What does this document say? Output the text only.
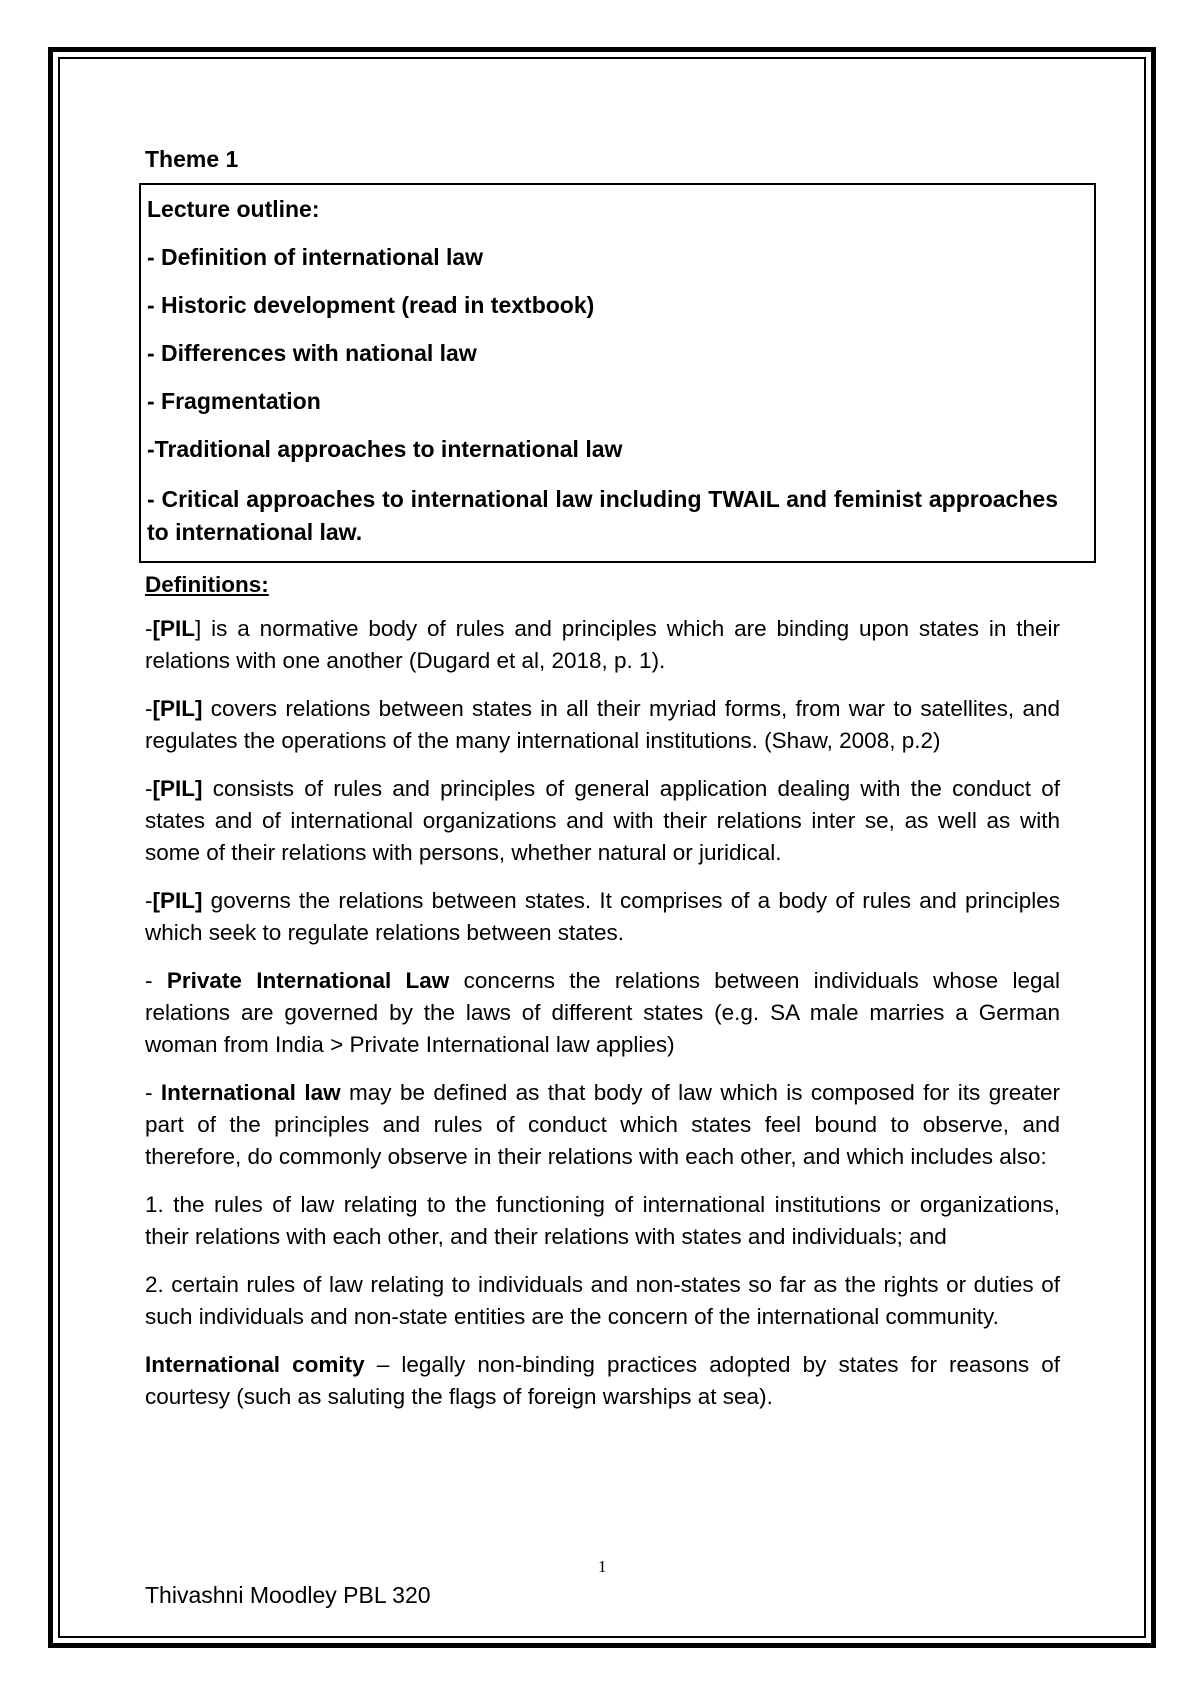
Theme 1

Lecture outline:

- Definition of international law

- Historic development (read in textbook)

- Differences with national law

- Fragmentation

-Traditional approaches to international law

- Critical approaches to international law including TWAIL and feminist approaches to international law.

Definitions:

-[PIL] is a normative body of rules and principles which are binding upon states in their relations with one another (Dugard et al, 2018, p. 1).

-[PIL] covers relations between states in all their myriad forms, from war to satellites, and regulates the operations of the many international institutions. (Shaw, 2008, p.2)

-[PIL] consists of rules and principles of general application dealing with the conduct of states and of international organizations and with their relations inter se, as well as with some of their relations with persons, whether natural or juridical.

-[PIL] governs the relations between states. It comprises of a body of rules and principles which seek to regulate relations between states.

- Private International Law concerns the relations between individuals whose legal relations are governed by the laws of different states (e.g. SA male marries a German woman from India > Private International law applies)

- International law may be defined as that body of law which is composed for its greater part of the principles and rules of conduct which states feel bound to observe, and therefore, do commonly observe in their relations with each other, and which includes also:

1. the rules of law relating to the functioning of international institutions or organizations, their relations with each other, and their relations with states and individuals; and

2. certain rules of law relating to individuals and non-states so far as the rights or duties of such individuals and non-state entities are the concern of the international community.

International comity – legally non-binding practices adopted by states for reasons of courtesy (such as saluting the flags of foreign warships at sea).

1
Thivashni Moodley PBL 320
